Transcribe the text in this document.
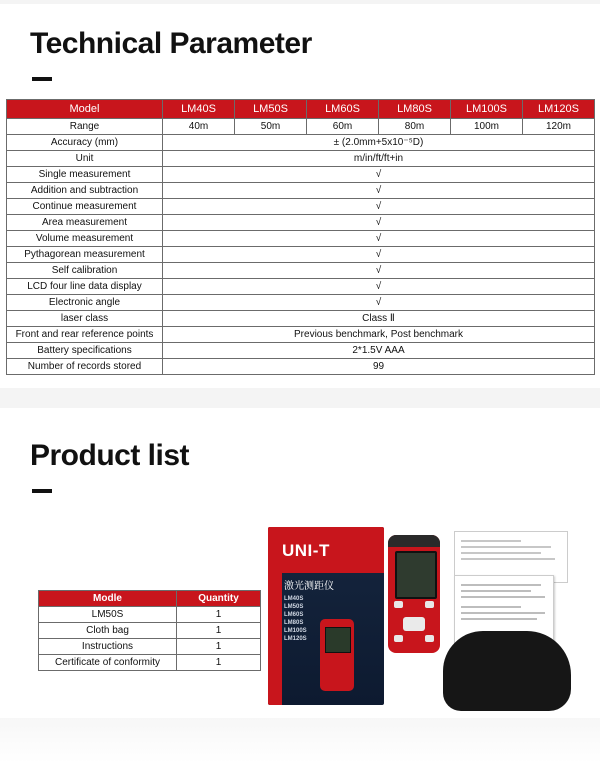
Technical Parameter
Model	LM40S	LM50S	LM60S	LM80S	LM100S	LM120S
Range	40m	50m	60m	80m	100m	120m
Accuracy (mm)	± (2.0mm+5x10⁻⁵D)					
Unit	m/in/ft/ft+in					
Single measurement	√					
Addition and subtraction	√					
Continue measurement	√					
Area measurement	√					
Volume measurement	√					
Pythagorean measurement	√					
Self calibration	√					
LCD four line data display	√					
Electronic angle	√					
laser class	Class Ⅱ					
Front and rear reference points	Previous benchmark, Post benchmark					
Battery specifications	2*1.5V AAA					
Number of records stored	99					
Product list
Modle	Quantity
LM50S	1
Cloth bag	1
Instructions	1
Certificate of conformity	1
UNI-T
激光测距仪
LM40S
LM50S
LM60S
LM80S
LM100S
LM120S
